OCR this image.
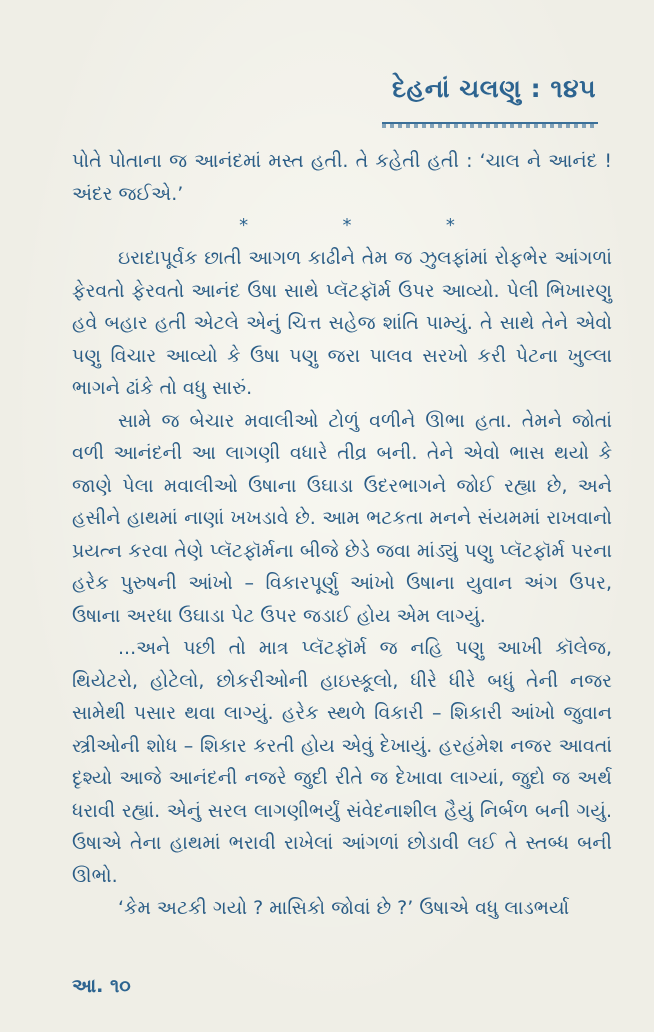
દેહનાં ચલણુ : ૧૪૫

પોતે પોતાના જ આનંદમાં મસ્ત હતી. તે કહેતી હતી : ‘ચાલ ને આનંદ ! અંદર જઈએ.’

*	*	*

ઇરાદાપૂર્વક છાતી આગળ કાઢીને તેમ જ ઝુલફાંમાં રોફભેર આંગળાં ફેરવતો ફેરવતો આનંદ ઉષા સાથે પ્લૅટફૉર્મ ઉપર આવ્યો. પેલી ભિખારણુ હવે બહાર હતી એટલે એનું ચિત્ત સહેજ શાંતિ પામ્યું. તે સાથે તેને એવો પણુ વિચાર આવ્યો કે ઉષા પણુ જરા પાલવ સરખો કરી પેટના ખુલ્લા ભાગને ઢાંકે તો વધુ સારું.

સામે જ બેચાર મવાલીઓ ટોળું વળીને ઊભા હતા. તેમને જોતાં વળી આનંદની આ લાગણી વધારે તીવ્ર બની. તેને એવો ભાસ થયો કે જાણે પેલા મવાલીઓ ઉષાના ઉઘાડા ઉદરભાગને જોઈ રહ્યા છે, અને હસીને હાથમાં નાણાં ખખડાવે છે. આમ ભટકતા મનને સંયમમાં રાખવાનો પ્રયત્ન કરવા તેણે પ્લૅટફૉર્મના બીજે છેડે જવા માંડ્યું પણુ પ્લૅટફૉર્મ પરના હરેક પુરુષની આંખો – વિકારપૂર્ણુ આંખો ઉષાના યુવાન અંગ ઉપર, ઉષાના અરધા ઉઘાડા પેટ ઉપર જડાઈ હોય એમ લાગ્યું.

...અને પછી તો માત્ર પ્લૅટફૉર્મ જ નહિ પણુ આખી કૉલેજ, થિયેટરો, હોટેલો, છોકરીઓની હાઇસ્કૂલો, ધીરે ધીરે બધું તેની નજર સામેથી પસાર થવા લાગ્યું. હરેક સ્થળે વિકારી – શિકારી આંખો જુવાન સ્ત્રીઓની શોધ – શિકાર કરતી હોય એવું દેખાયું. હરહંમેશ નજર આવતાં દૃશ્યો આજે આનંદની નજરે જુદી રીતે જ દેખાવા લાગ્યાં, જુદો જ અર્થ ધરાવી રહ્યાં. એનું સરલ લાગણીભર્યું સંવેદનાશીલ હૈયું નિર્બળ બની ગયું. ઉષાએ તેના હાથમાં ભરાવી રાખેલાં આંગળાં છોડાવી લઈ તે સ્તબ્ધ બની ઊભો.

‘કેમ અટકી ગયો ? માસિકો જોવાં છે ?’ ઉષાએ વધુ લાડભર્યા

આ. ૧૦
